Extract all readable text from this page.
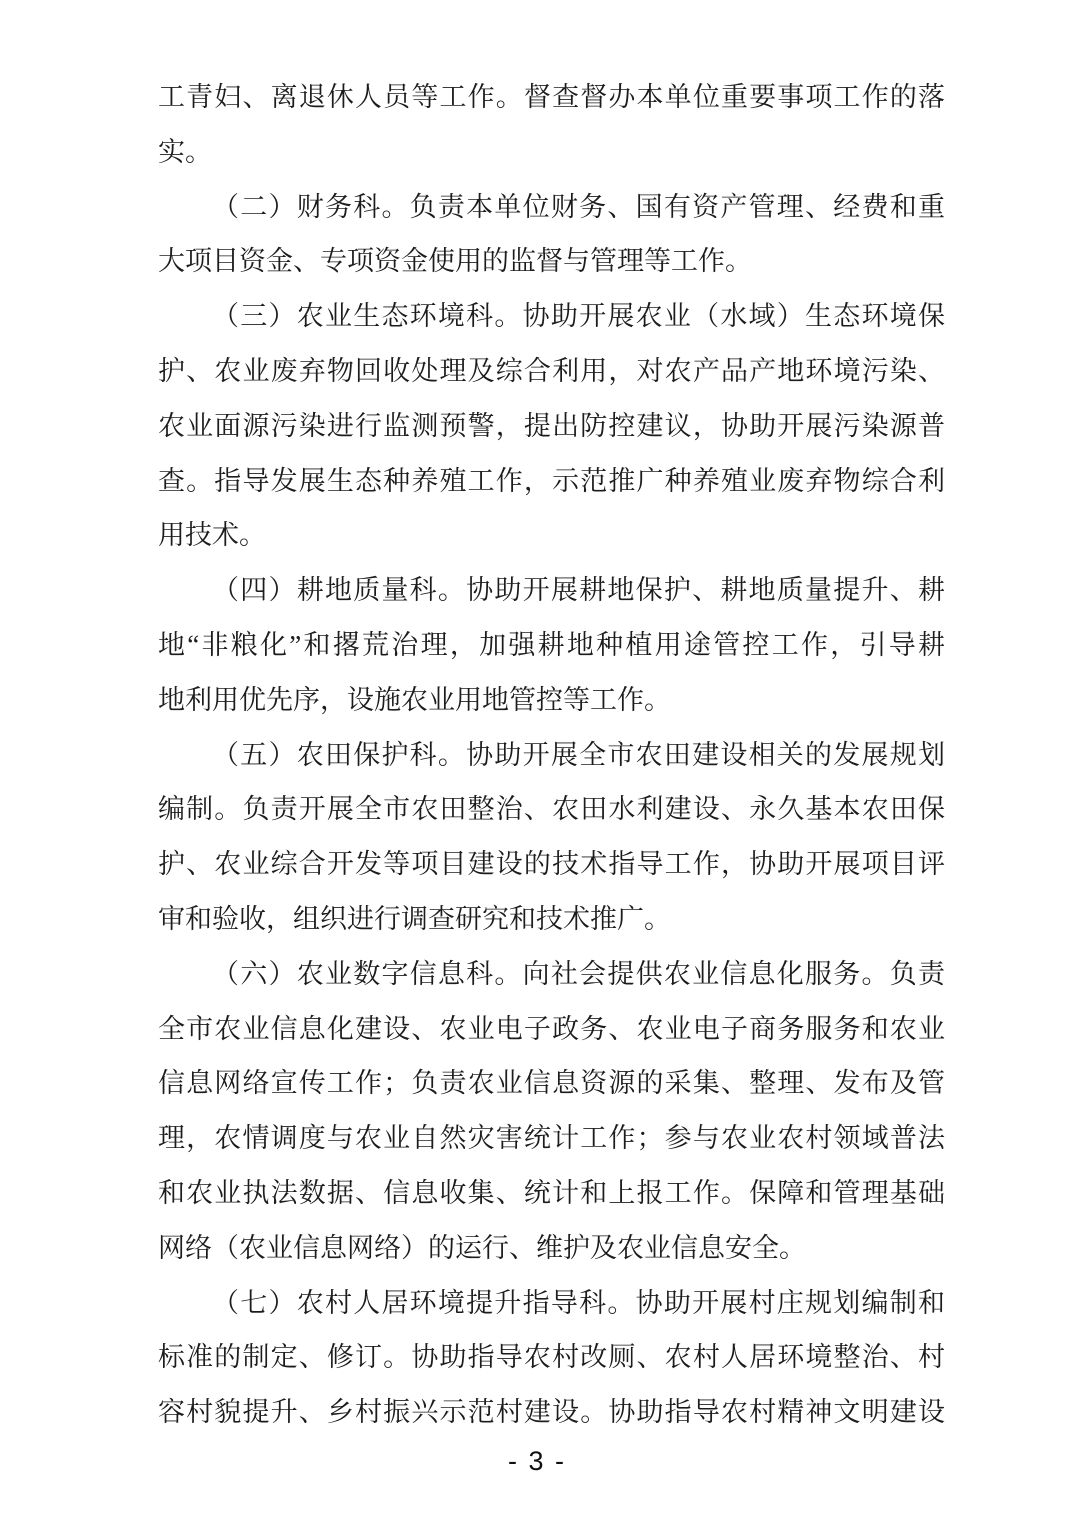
工青妇、离退休人员等工作。督查督办本单位重要事项工作的落
实。
（二）财务科。负责本单位财务、国有资产管理、经费和重
大项目资金、专项资金使用的监督与管理等工作。
（三）农业生态环境科。协助开展农业（水域）生态环境保
护、农业废弃物回收处理及综合利用，对农产品产地环境污染、
农业面源污染进行监测预警，提出防控建议，协助开展污染源普
查。指导发展生态种养殖工作，示范推广种养殖业废弃物综合利
用技术。
（四）耕地质量科。协助开展耕地保护、耕地质量提升、耕
地“非粮化”和撂荒治理，加强耕地种植用途管控工作，引导耕
地利用优先序，设施农业用地管控等工作。
（五）农田保护科。协助开展全市农田建设相关的发展规划
编制。负责开展全市农田整治、农田水利建设、永久基本农田保
护、农业综合开发等项目建设的技术指导工作，协助开展项目评
审和验收，组织进行调查研究和技术推广。
（六）农业数字信息科。向社会提供农业信息化服务。负责
全市农业信息化建设、农业电子政务、农业电子商务服务和农业
信息网络宣传工作；负责农业信息资源的采集、整理、发布及管
理，农情调度与农业自然灾害统计工作；参与农业农村领域普法
和农业执法数据、信息收集、统计和上报工作。保障和管理基础
网络（农业信息网络）的运行、维护及农业信息安全。
（七）农村人居环境提升指导科。协助开展村庄规划编制和
标准的制定、修订。协助指导农村改厕、农村人居环境整治、村
容村貌提升、乡村振兴示范村建设。协助指导农村精神文明建设
- 3 -
